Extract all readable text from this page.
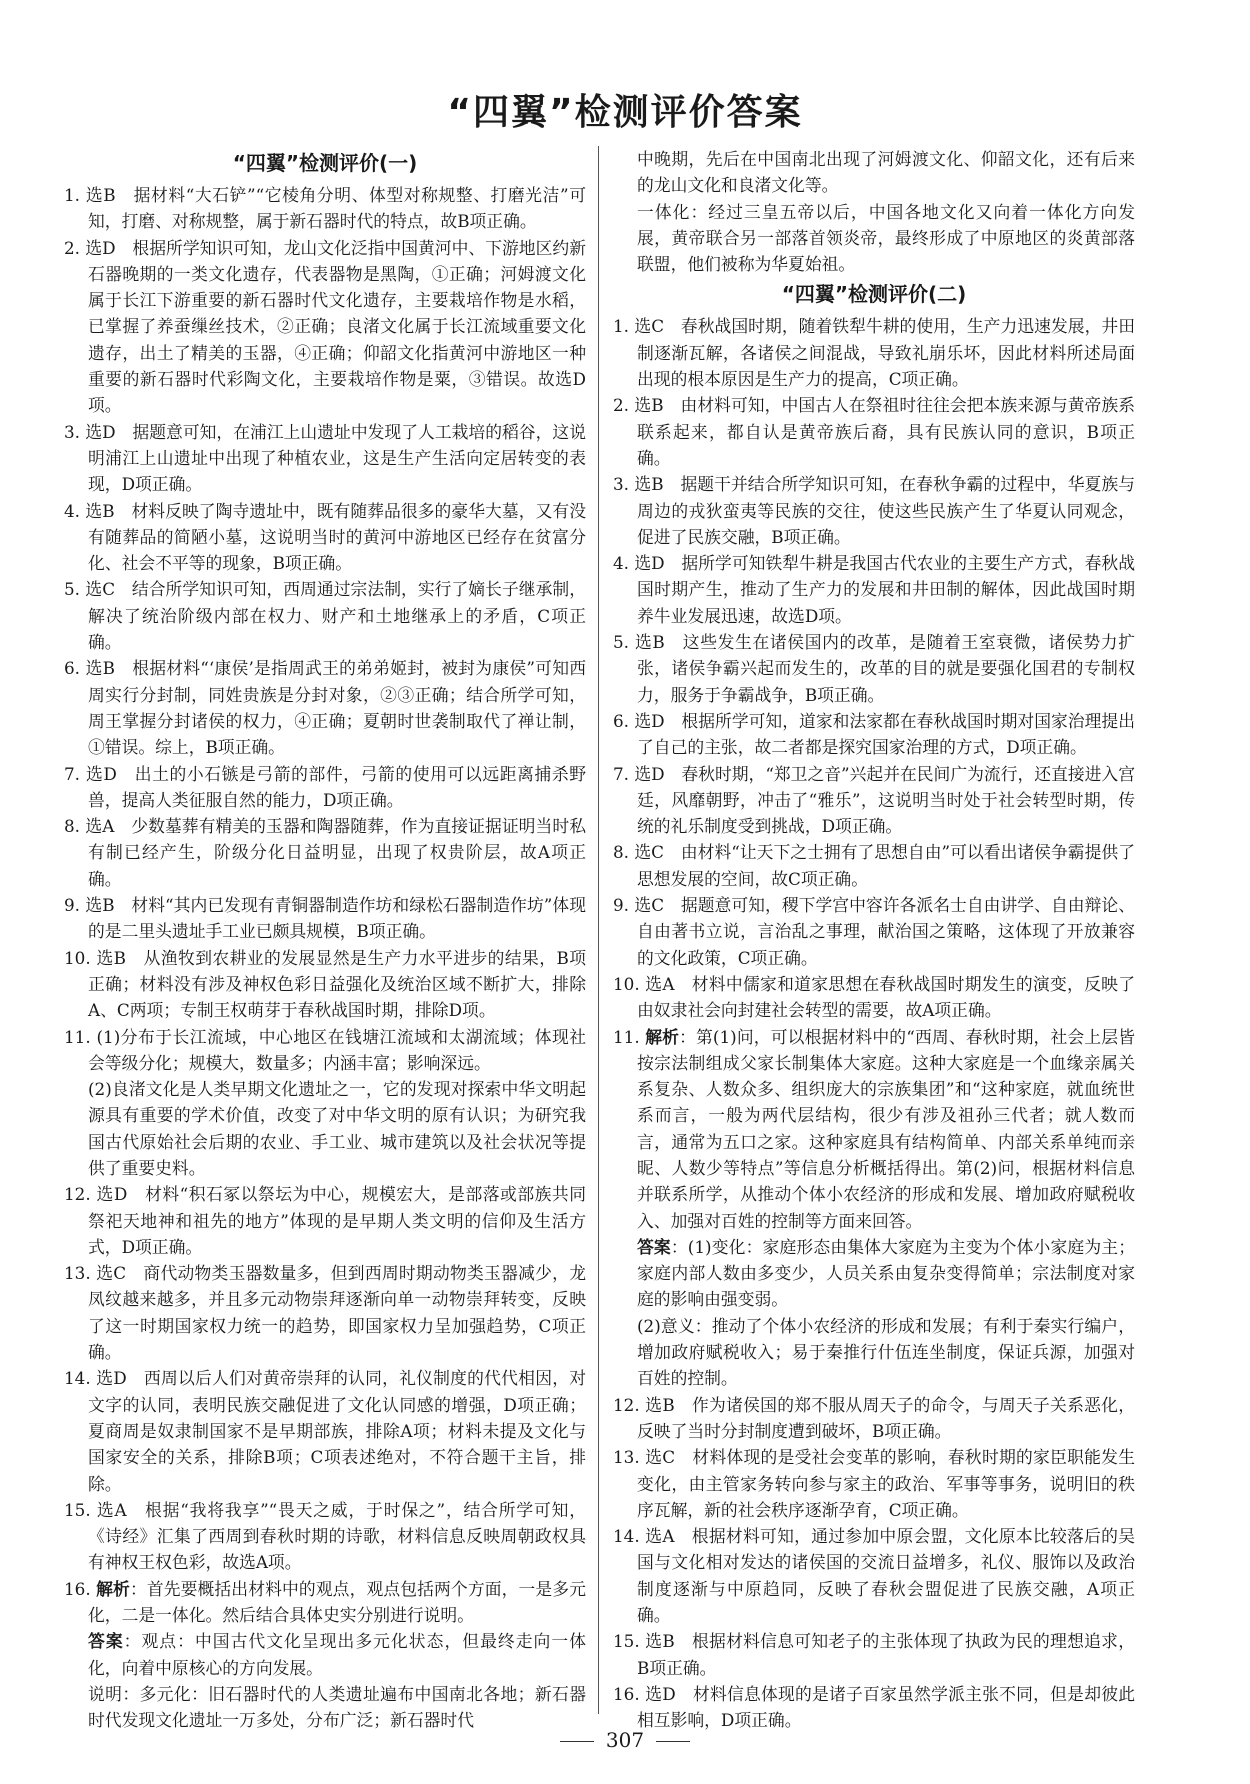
“四翼”检测评价答案
“四翼”检测评价(一)

1. 选B　据材料“大石铲”“它棱角分明、体型对称规整、打磨光洁”可知，打磨、对称规整，属于新石器时代的特点，故B项正确。

2. 选D　根据所学知识可知，龙山文化泛指中国黄河中、下游地区约新石器晚期的一类文化遗存，代表器物是黑陶，①正确；河姆渡文化属于长江下游重要的新石器时代文化遗存，主要栽培作物是水稻，已掌握了养蚕缫丝技术，②正确；良渚文化属于长江流域重要文化遗存，出土了精美的玉器，④正确；仰韶文化指黄河中游地区一种重要的新石器时代彩陶文化，主要栽培作物是粟，③错误。故选D项。

3. 选D　据题意可知，在浦江上山遗址中发现了人工栽培的稻谷，这说明浦江上山遗址中出现了种植农业，这是生产生活向定居转变的表现，D项正确。

4. 选B　材料反映了陶寺遗址中，既有随葬品很多的豪华大墓，又有没有随葬品的简陋小墓，这说明当时的黄河中游地区已经存在贫富分化、社会不平等的现象，B项正确。

5. 选C　结合所学知识可知，西周通过宗法制，实行了嫡长子继承制，解决了统治阶级内部在权力、财产和土地继承上的矛盾，C项正确。

6. 选B　根据材料“‘康侯’是指周武王的弟弟姬封，被封为康侯”可知西周实行分封制，同姓贵族是分封对象，②③正确；结合所学可知，周王掌握分封诸侯的权力，④正确；夏朝时世袭制取代了禅让制，①错误。综上，B项正确。

7. 选D　出土的小石镞是弓箭的部件，弓箭的使用可以远距离捕杀野兽，提高人类征服自然的能力，D项正确。

8. 选A　少数墓葬有精美的玉器和陶器随葬，作为直接证据证明当时私有制已经产生，阶级分化日益明显，出现了权贵阶层，故A项正确。

9. 选B　材料“其内已发现有青铜器制造作坊和绿松石器制造作坊”体现的是二里头遗址手工业已颇具规模，B项正确。

10. 选B　从渔牧到农耕业的发展显然是生产力水平进步的结果，B项正确；材料没有涉及神权色彩日益强化及统治区域不断扩大，排除A、C两项；专制王权萌芽于春秋战国时期，排除D项。

11. (1)分布于长江流域，中心地区在钱塘江流域和太湖流域；体现社会等级分化；规模大，数量多；内涵丰富；影响深远。

(2)良渚文化是人类早期文化遗址之一，它的发现对探索中华文明起源具有重要的学术价值，改变了对中华文明的原有认识；为研究我国古代原始社会后期的农业、手工业、城市建筑以及社会状况等提供了重要史料。

12. 选D　材料“积石冢以祭坛为中心，规模宏大，是部落或部族共同祭祀天地神和祖先的地方”体现的是早期人类文明的信仰及生活方式，D项正确。

13. 选C　商代动物类玉器数量多，但到西周时期动物类玉器减少，龙凤纹越来越多，并且多元动物崇拜逐渐向单一动物崇拜转变，反映了这一时期国家权力统一的趋势，即国家权力呈加强趋势，C项正确。

14. 选D　西周以后人们对黄帝崇拜的认同，礼仪制度的代代相因，对文字的认同，表明民族交融促进了文化认同感的增强，D项正确；夏商周是奴隶制国家不是早期部族，排除A项；材料未提及文化与国家安全的关系，排除B项；C项表述绝对，不符合题干主旨，排除。

15. 选A　根据“我将我享”“畏天之威，于时保之”，结合所学可知，《诗经》汇集了西周到春秋时期的诗歌，材料信息反映周朝政权具有神权王权色彩，故选A项。

16. 解析：首先要概括出材料中的观点，观点包括两个方面，一是多元化，二是一体化。然后结合具体史实分别进行说明。

答案：观点：中国古代文化呈现出多元化状态，但最终走向一体化，向着中原核心的方向发展。

说明：多元化：旧石器时代的人类遗址遍布中国南北各地；新石器时代发现文化遗址一万多处，分布广泛；新石器时代

中晚期，先后在中国南北出现了河姆渡文化、仰韶文化，还有后来的龙山文化和良渚文化等。

一体化：经过三皇五帝以后，中国各地文化又向着一体化方向发展，黄帝联合另一部落首领炎帝，最终形成了中原地区的炎黄部落联盟，他们被称为华夏始祖。

“四翼”检测评价(二)

1. 选C　春秋战国时期，随着铁犁牛耕的使用，生产力迅速发展，井田制逐渐瓦解，各诸侯之间混战，导致礼崩乐坏，因此材料所述局面出现的根本原因是生产力的提高，C项正确。

2. 选B　由材料可知，中国古人在祭祖时往往会把本族来源与黄帝族系联系起来，都自认是黄帝族后裔，具有民族认同的意识，B项正确。

3. 选B　据题干并结合所学知识可知，在春秋争霸的过程中，华夏族与周边的戎狄蛮夷等民族的交往，使这些民族产生了华夏认同观念，促进了民族交融，B项正确。

4. 选D　据所学可知铁犁牛耕是我国古代农业的主要生产方式，春秋战国时期产生，推动了生产力的发展和井田制的解体，因此战国时期养牛业发展迅速，故选D项。

5. 选B　这些发生在诸侯国内的改革，是随着王室衰微，诸侯势力扩张，诸侯争霸兴起而发生的，改革的目的就是要强化国君的专制权力，服务于争霸战争，B项正确。

6. 选D　根据所学可知，道家和法家都在春秋战国时期对国家治理提出了自己的主张，故二者都是探究国家治理的方式，D项正确。

7. 选D　春秋时期，“郑卫之音”兴起并在民间广为流行，还直接进入宫廷，风靡朝野，冲击了“雅乐”，这说明当时处于社会转型时期，传统的礼乐制度受到挑战，D项正确。

8. 选C　由材料“让天下之士拥有了思想自由”可以看出诸侯争霸提供了思想发展的空间，故C项正确。

9. 选C　据题意可知，稷下学宫中容许各派名士自由讲学、自由辩论、自由著书立说，言治乱之事理，献治国之策略，这体现了开放兼容的文化政策，C项正确。

10. 选A　材料中儒家和道家思想在春秋战国时期发生的演变，反映了由奴隶社会向封建社会转型的需要，故A项正确。

11. 解析：第(1)问，可以根据材料中的“西周、春秋时期，社会上层皆按宗法制组成父家长制集体大家庭。这种大家庭是一个血缘亲属关系复杂、人数众多、组织庞大的宗族集团”和“这种家庭，就血统世系而言，一般为两代层结构，很少有涉及祖孙三代者；就人数而言，通常为五口之家。这种家庭具有结构简单、内部关系单纯而亲昵、人数少等特点”等信息分析概括得出。第(2)问，根据材料信息并联系所学，从推动个体小农经济的形成和发展、增加政府赋税收入、加强对百姓的控制等方面来回答。

答案：(1)变化：家庭形态由集体大家庭为主变为个体小家庭为主；家庭内部人数由多变少，人员关系由复杂变得简单；宗法制度对家庭的影响由强变弱。

(2)意义：推动了个体小农经济的形成和发展；有利于秦实行编户，增加政府赋税收入；易于秦推行什伍连坐制度，保证兵源，加强对百姓的控制。

12. 选B　作为诸侯国的郑不服从周天子的命令，与周天子关系恶化，反映了当时分封制度遭到破坏，B项正确。

13. 选C　材料体现的是受社会变革的影响，春秋时期的家臣职能发生变化，由主管家务转向参与家主的政治、军事等事务，说明旧的秩序瓦解，新的社会秩序逐渐孕育，C项正确。

14. 选A　根据材料可知，通过参加中原会盟，文化原本比较落后的吴国与文化相对发达的诸侯国的交流日益增多，礼仪、服饰以及政治制度逐渐与中原趋同，反映了春秋会盟促进了民族交融，A项正确。

15. 选B　根据材料信息可知老子的主张体现了执政为民的理想追求，B项正确。

16. 选D　材料信息体现的是诸子百家虽然学派主张不同，但是却彼此相互影响，D项正确。

307
